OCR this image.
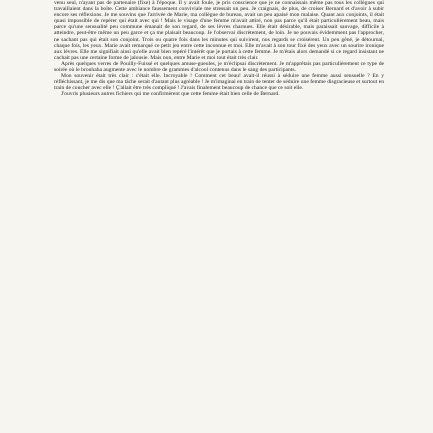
venu seul, n'ayant pas de partenaire (fixe) à l'époque. Il y avait foule, je pris conscience que je ne connaissais même pas tous les collègues qui travaillaient dans la boîte. Cette ambiance faussement conviviale me stressait un peu. Je craignais, de plus, de croiser Bernard et d'avoir à subir encore ses réflexions. Je me souvins que l'arrivée de Marie, ma collègue de bureau, avait un peu apaisé mon malaise. Quant aux conjoints, il était quasi impossible de repérer qui était avec qui ! Mais le visage d'une femme m'avait attiré, non pas parce qu'il était particulièrement beau, mais parce qu'une sensualité peu commune émanait de son regard, de ses lèvres charnues. Elle était désirable, mais paraissait sauvage, difficile à atteindre, peut-être même un peu garce et ça me plaisait beaucoup. Je l'observai discrètement, de loin. Je ne pouvais évidemment pas l'approcher, ne sachant pas qui était son conjoint. Trois ou quatre fois dans les minutes qui suivirent, nos regards se croisèrent. Un peu gêné, je détournai, chaque fois, les yeux. Marie avait remarqué ce petit jeu entre cette inconnue et moi. Elle m'avait à son tour fixé des yeux avec un sourire ironique aux lèvres. Elle me signifiait ainsi qu'elle avait bien repéré l'intérêt que je portais à cette femme. Je m'étais alors demandé si ce regard insistant ne cachait pas une certaine forme de jalousie. Mais non, entre Marie et moi tout était très clair.

Après quelques verres de Pouilly-Fuissé et quelques amuse-gueules, je m'éclipsai discrètement. Je m'apprêtais pas particulièrement ce type de soirée où le brouhaha augmente avec le nombre de grammes d'alcool contenus dans le sang des participants.

Mon souvenir était très clair : c'était elle. Incroyable ! Comment cet beau! avait-il réussi à séduire une femme aussi sensuelle ? En y réfléchissant, je me dis que ma tâche serait d'autant plus agréable ! Je m'imaginai en train de tenter de séduire une femme disgracieuse et surtout en train de coucher avec elle ! Ç'allait être très compliqué ! J'avais finalement beaucoup de chance que ce soit elle.

J'ouvris plusieurs autres fichiers qui me confirmèrent que cette femme était bien celle de Bernard.
